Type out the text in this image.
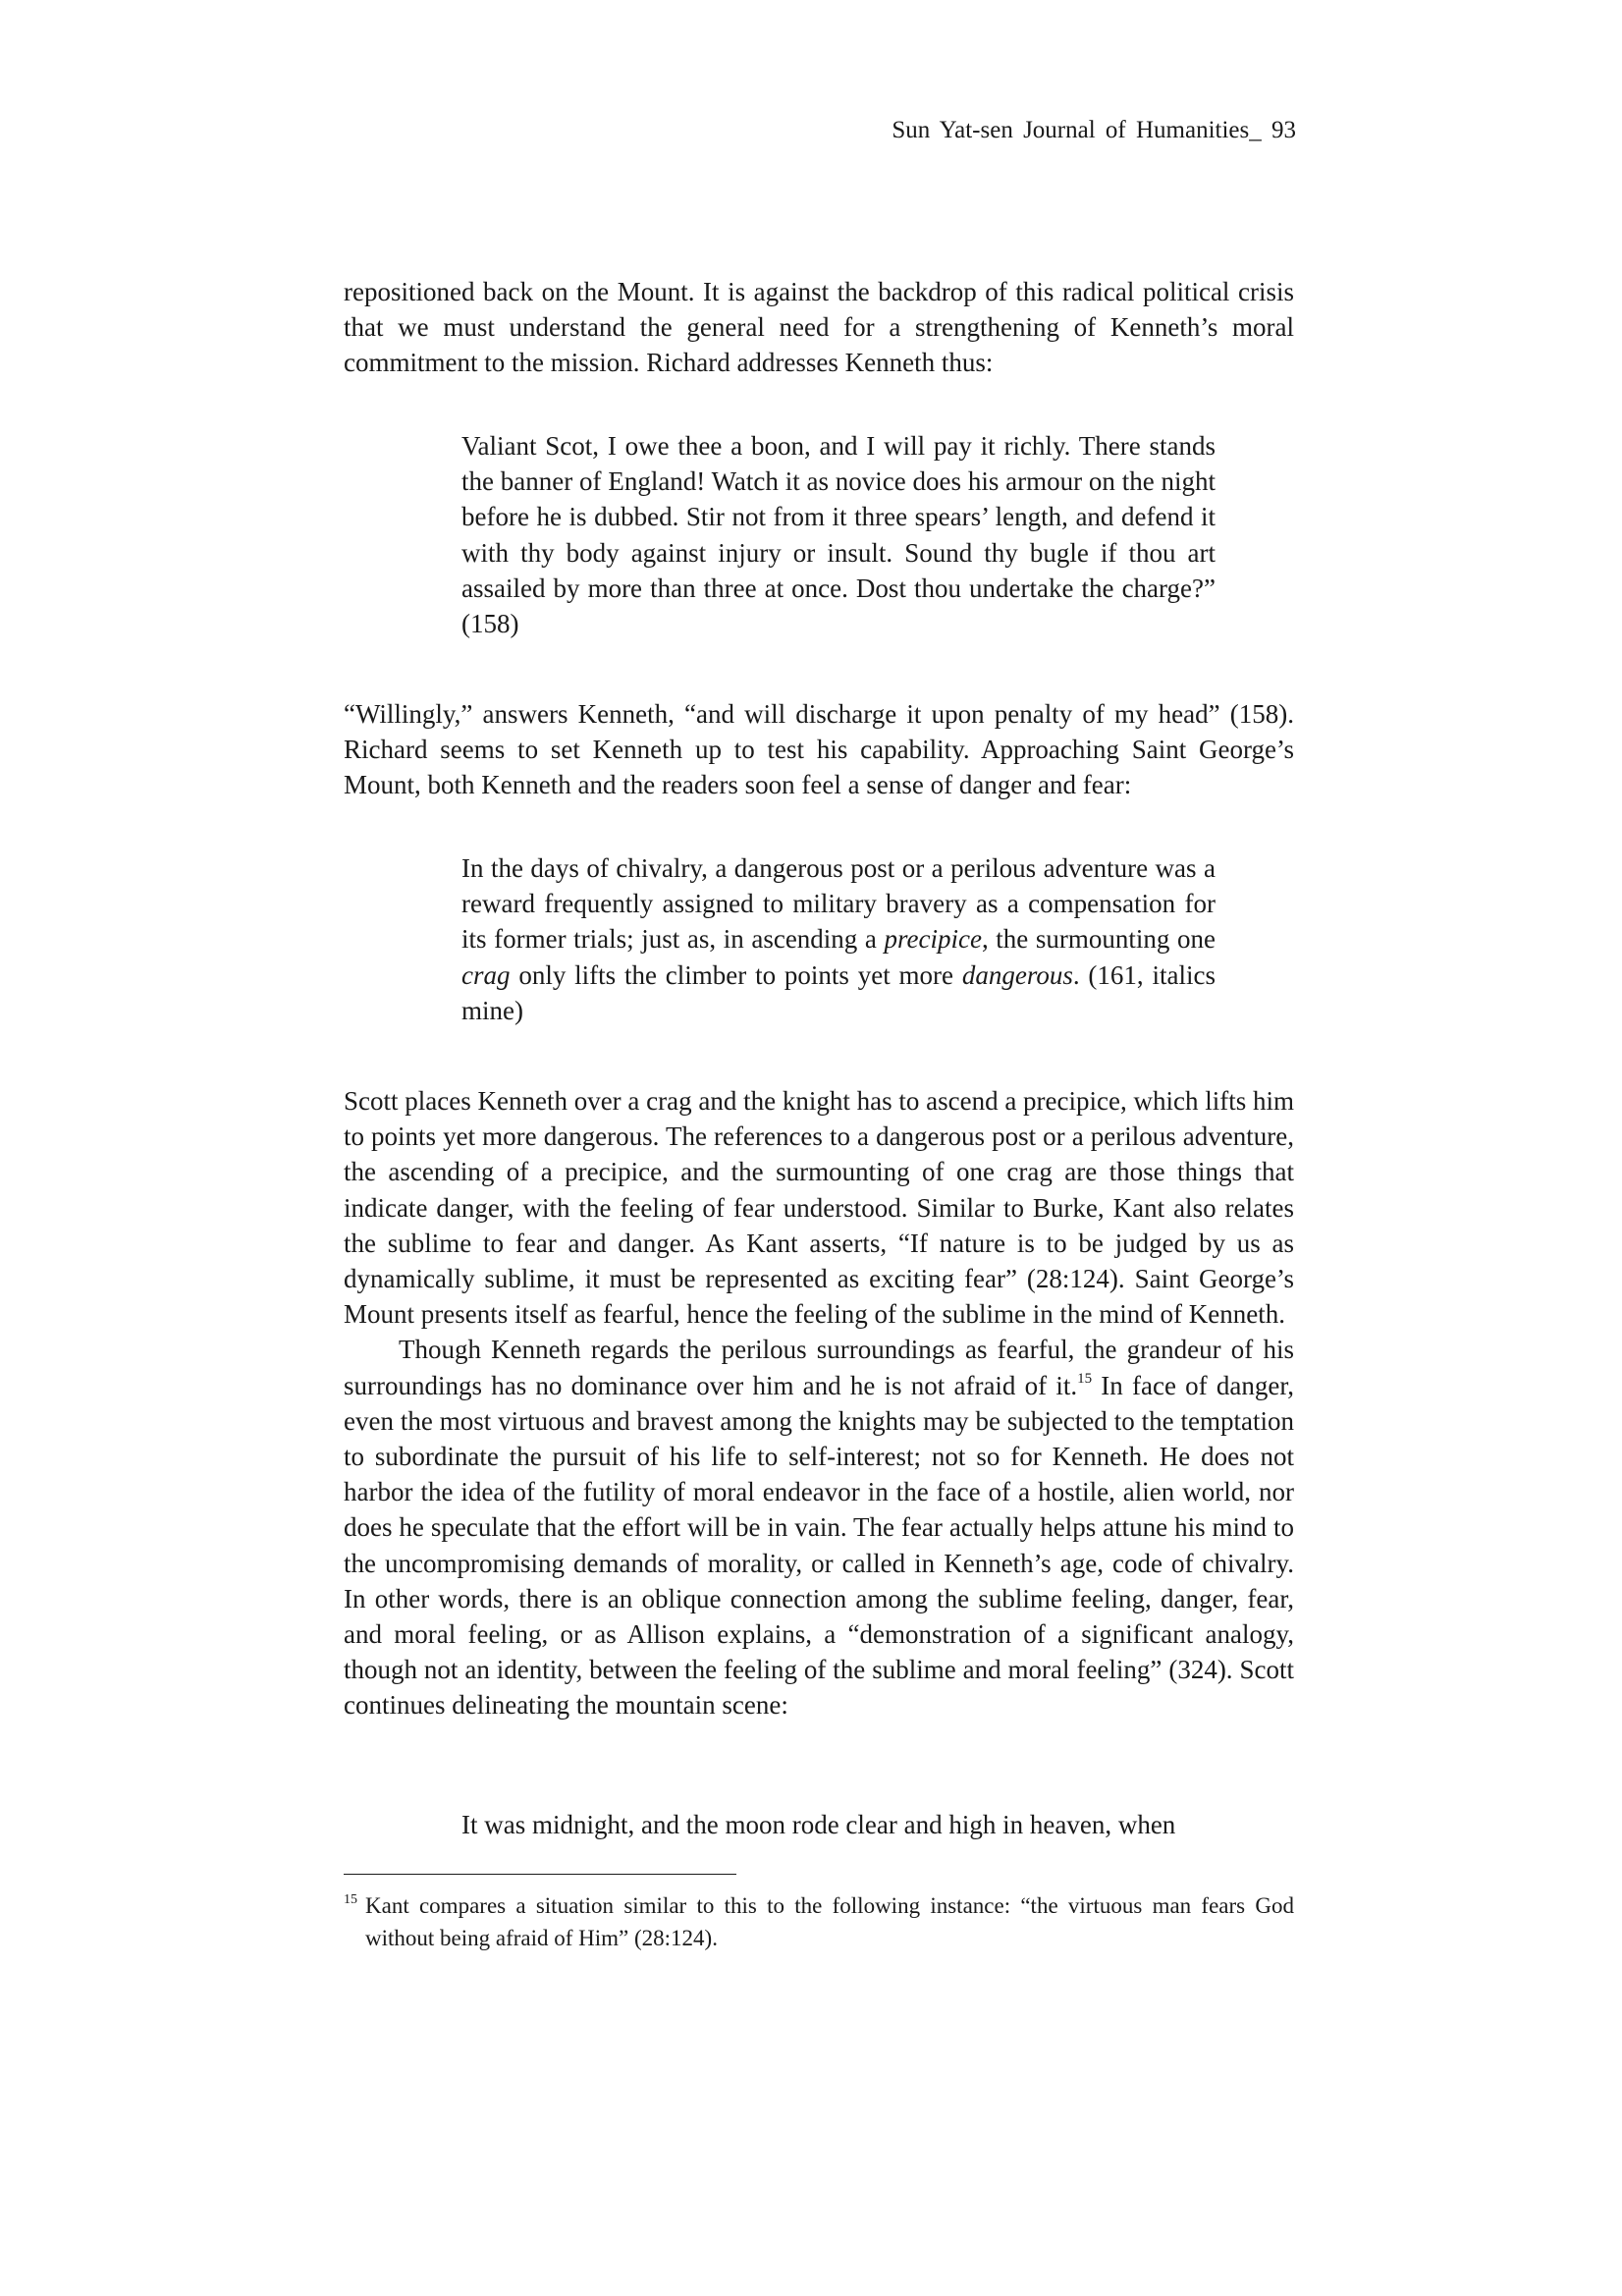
Sun Yat-sen Journal of Humanities_ 93

repositioned back on the Mount. It is against the backdrop of this radical political crisis that we must understand the general need for a strengthening of Kenneth’s moral commitment to the mission. Richard addresses Kenneth thus:

Valiant Scot, I owe thee a boon, and I will pay it richly. There stands the banner of England! Watch it as novice does his armour on the night before he is dubbed. Stir not from it three spears’ length, and defend it with thy body against injury or insult. Sound thy bugle if thou art assailed by more than three at once. Dost thou undertake the charge?” (158)

“Willingly,” answers Kenneth, “and will discharge it upon penalty of my head” (158). Richard seems to set Kenneth up to test his capability. Approaching Saint George’s Mount, both Kenneth and the readers soon feel a sense of danger and fear:

In the days of chivalry, a dangerous post or a perilous adventure was a reward frequently assigned to military bravery as a compensation for its former trials; just as, in ascending a precipice, the surmounting one crag only lifts the climber to points yet more dangerous. (161, italics mine)

Scott places Kenneth over a crag and the knight has to ascend a precipice, which lifts him to points yet more dangerous. The references to a dangerous post or a perilous adventure, the ascending of a precipice, and the surmounting of one crag are those things that indicate danger, with the feeling of fear understood. Similar to Burke, Kant also relates the sublime to fear and danger. As Kant asserts, “If nature is to be judged by us as dynamically sublime, it must be represented as exciting fear” (28:124). Saint George’s Mount presents itself as fearful, hence the feeling of the sublime in the mind of Kenneth.

Though Kenneth regards the perilous surroundings as fearful, the grandeur of his surroundings has no dominance over him and he is not afraid of it.$^{15}$ In face of danger, even the most virtuous and bravest among the knights may be subjected to the temptation to subordinate the pursuit of his life to self-interest; not so for Kenneth. He does not harbor the idea of the futility of moral endeavor in the face of a hostile, alien world, nor does he speculate that the effort will be in vain. The fear actually helps attune his mind to the uncompromising demands of morality, or called in Kenneth’s age, code of chivalry. In other words, there is an oblique connection among the sublime feeling, danger, fear, and moral feeling, or as Allison explains, a “demonstration of a significant analogy, though not an identity, between the feeling of the sublime and moral feeling” (324). Scott continues delineating the mountain scene:

It was midnight, and the moon rode clear and high in heaven, when
$^{15}$ Kant compares a situation similar to this to the following instance: “the virtuous man fears God without being afraid of Him” (28:124).
